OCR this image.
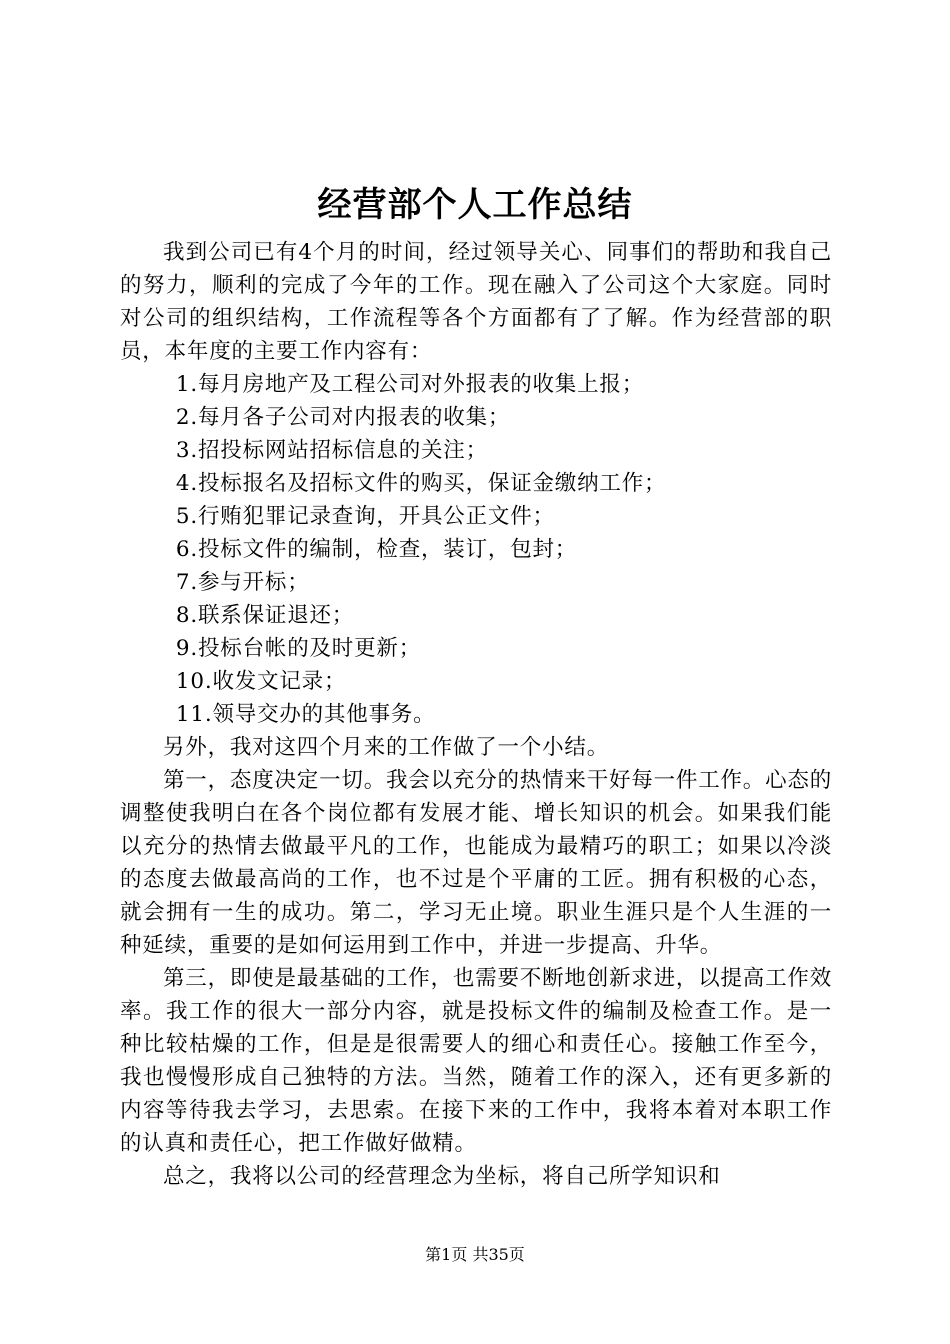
经营部个人工作总结

我到公司已有4个月的时间，经过领导关心、同事们的帮助和我自己的努力，顺利的完成了今年的工作。现在融入了公司这个大家庭。同时对公司的组织结构，工作流程等各个方面都有了了解。作为经营部的职员，本年度的主要工作内容有：

1.每月房地产及工程公司对外报表的收集上报；
2.每月各子公司对内报表的收集；
3.招投标网站招标信息的关注；
4.投标报名及招标文件的购买，保证金缴纳工作；
5.行贿犯罪记录查询，开具公正文件；
6.投标文件的编制，检查，装订，包封；
7.参与开标；
8.联系保证退还；
9.投标台帐的及时更新；
10.收发文记录；
11.领导交办的其他事务。

另外，我对这四个月来的工作做了一个小结。

第一，态度决定一切。我会以充分的热情来干好每一件工作。心态的调整使我明白在各个岗位都有发展才能、增长知识的机会。如果我们能以充分的热情去做最平凡的工作，也能成为最精巧的职工；如果以冷淡的态度去做最高尚的工作，也不过是个平庸的工匠。拥有积极的心态，就会拥有一生的成功。第二，学习无止境。职业生涯只是个人生涯的一种延续，重要的是如何运用到工作中，并进一步提高、升华。

第三，即使是最基础的工作，也需要不断地创新求进，以提高工作效率。我工作的很大一部分内容，就是投标文件的编制及检查工作。是一种比较枯燥的工作，但是是很需要人的细心和责任心。接触工作至今，我也慢慢形成自己独特的方法。当然，随着工作的深入，还有更多新的内容等待我去学习，去思索。在接下来的工作中，我将本着对本职工作的认真和责任心，把工作做好做精。

总之，我将以公司的经营理念为坐标，将自己所学知识和

第1页 共35页
